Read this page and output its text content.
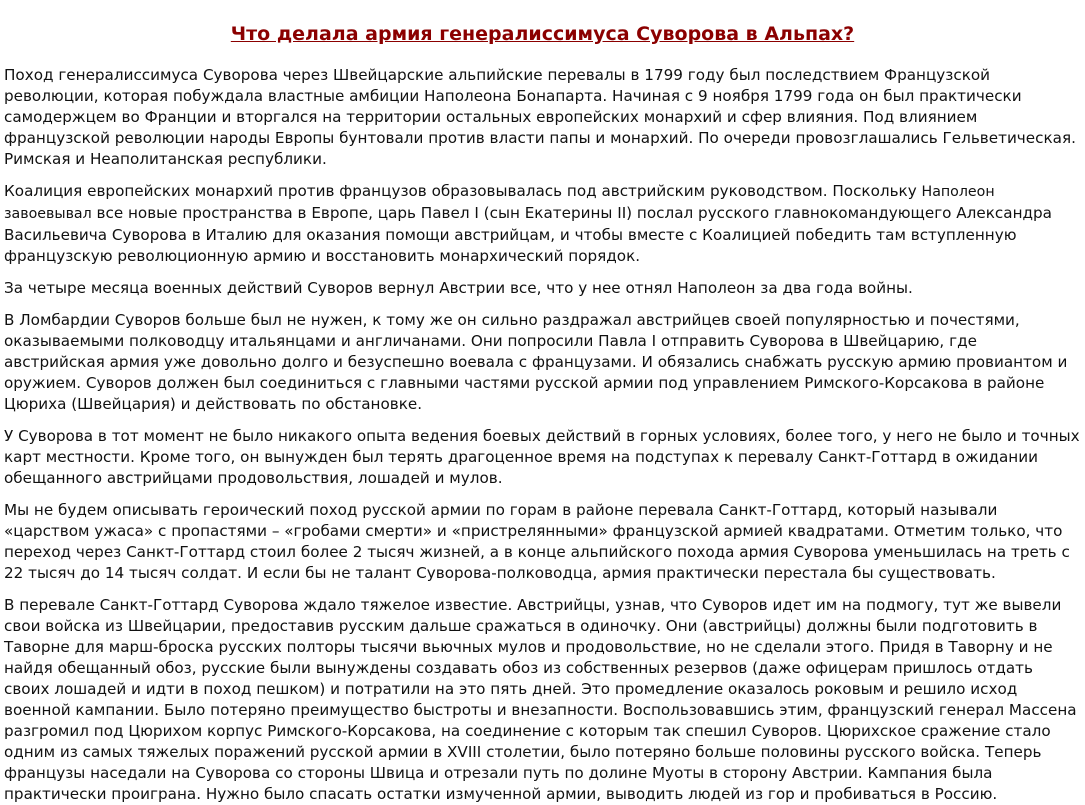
Что делала армия генералиссимуса Суворова в Альпах?

Поход генералиссимуса Суворова через Швейцарские альпийские перевалы в 1799 году был последствием Французской революции, которая побуждала властные амбиции Наполеона Бонапарта. Начиная с 9 ноября 1799 года он был практически самодержцем во Франции и вторгался на территории остальных европейских монархий и сфер влияния. Под влиянием французской революции народы Европы бунтовали против власти папы и монархий. По очереди провозглашались Гельветическая. Римская и Неаполитанская республики.

Коалиция европейских монархий против французов образовывалась под австрийским руководством. Поскольку Наполеон завоевывал все новые пространства в Европе, царь Павел I (сын Екатерины II) послал русского главнокомандующего Александра Васильевича Суворова в Италию для оказания помощи австрийцам, и чтобы вместе с Коалицией победить там вступленную французскую революционную армию и восстановить монархический порядок.

За четыре месяца военных действий Суворов вернул Австрии все, что у нее отнял Наполеон за два года войны.

В Ломбардии Суворов больше был не нужен, к тому же он сильно раздражал австрийцев своей популярностью и почестями, оказываемыми полководцу итальянцами и англичанами. Они попросили Павла I отправить Суворова в Швейцарию, где австрийская армия уже довольно долго и безуспешно воевала с французами. И обязались снабжать русскую армию провиантом и оружием. Суворов должен был соединиться с главными частями русской армии под управлением Римского-Корсакова в районе Цюриха (Швейцария) и действовать по обстановке.

У Суворова в тот момент не было никакого опыта ведения боевых действий в горных условиях, более того, у него не было и точных карт местности. Кроме того, он вынужден был терять драгоценное время на подступах к перевалу Санкт-Готтард в ожидании обещанного австрийцами продовольствия, лошадей и мулов.

Мы не будем описывать героический поход русской армии по горам в районе перевала Санкт-Готтард, который называли «царством ужаса» с пропастями – «гробами смерти» и «пристрелянными» французской армией квадратами. Отметим только, что переход через Санкт-Готтард стоил более 2 тысяч жизней, а в конце альпийского похода армия Суворова уменьшилась на треть с 22 тысяч до 14 тысяч солдат. И если бы не талант Суворова-полководца, армия практически перестала бы существовать.

В перевале Санкт-Готтард Суворова ждало тяжелое известие. Австрийцы, узнав, что Суворов идет им на подмогу, тут же вывели свои войска из Швейцарии, предоставив русским дальше сражаться в одиночку. Они (австрийцы) должны были подготовить в Таворне для марш-броска русских полторы тысячи вьючных мулов и продовольствие, но не сделали этого. Придя в Таворну и не найдя обещанный обоз, русские были вынуждены создавать обоз из собственных резервов (даже офицерам пришлось отдать своих лошадей и идти в поход пешком) и потратили на это пять дней. Это промедление оказалось роковым и решило исход военной кампании. Было потеряно преимущество быстроты и внезапности. Воспользовавшись этим, французский генерал Массена разгромил под Цюрихом корпус Римского-Корсакова, на соединение с которым так спешил Суворов. Цюрихское сражение стало одним из самых тяжелых поражений русской армии в XVIII столетии, было потеряно больше половины русского войска. Теперь французы наседали на Суворова со стороны Швица и отрезали путь по долине Муоты в сторону Австрии. Кампания была практически проиграна. Нужно было спасать остатки измученной армии, выводить людей из гор и пробиваться в Россию.
